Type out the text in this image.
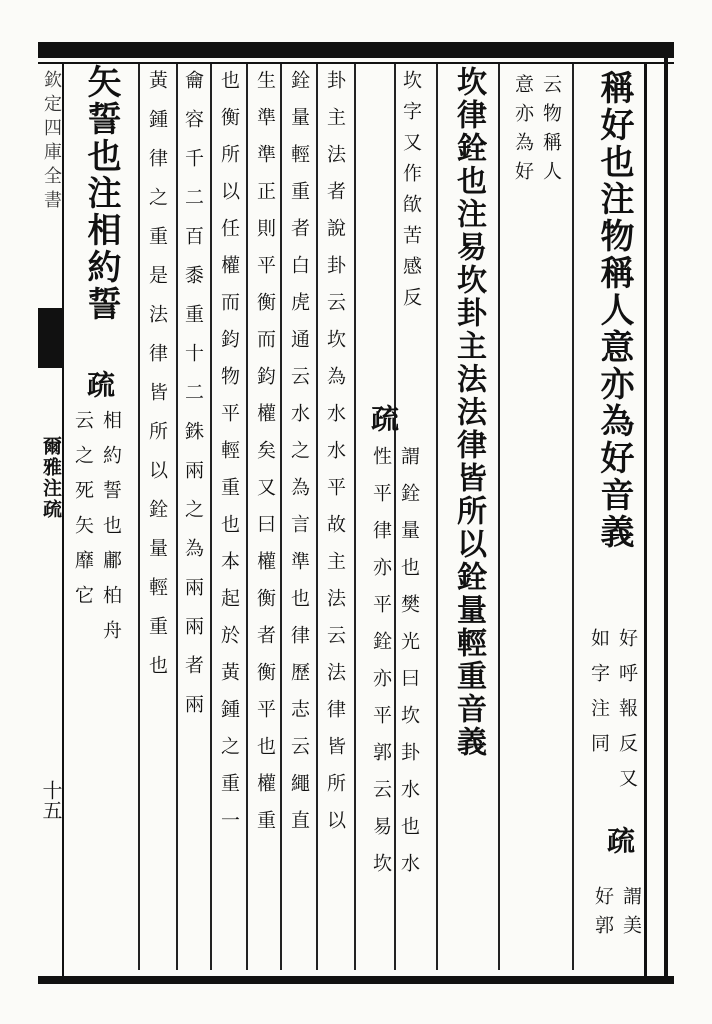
欽定四庫全書
爾雅注疏
十五
稱好也注物稱人意亦為好音義
云物稱人
意亦為好
好呼報反又
如字注同
疏
謂美
好郭
坎律銓也注易坎卦主法法律皆所以銓量輕重音義
坎字又作欿苦感反
疏
謂銓量也樊光曰坎卦水也水
性平律亦平銓亦平郭云易坎
卦主法者說卦云坎為水水平故主法云法律皆所以
銓量輕重者白虎通云水之為言準也律歷志云繩直
生準準正則平衡而鈞權矣又曰權衡者衡平也權重
也衡所以任權而鈞物平輕重也本起於黃鍾之重一
龠容千二百黍重十二銖兩之為兩兩者兩
黃鍾律之重是法律皆所以銓量輕重也
矢誓也注相約誓
疏
相約誓也鄘柏舟
云之死矢靡它
